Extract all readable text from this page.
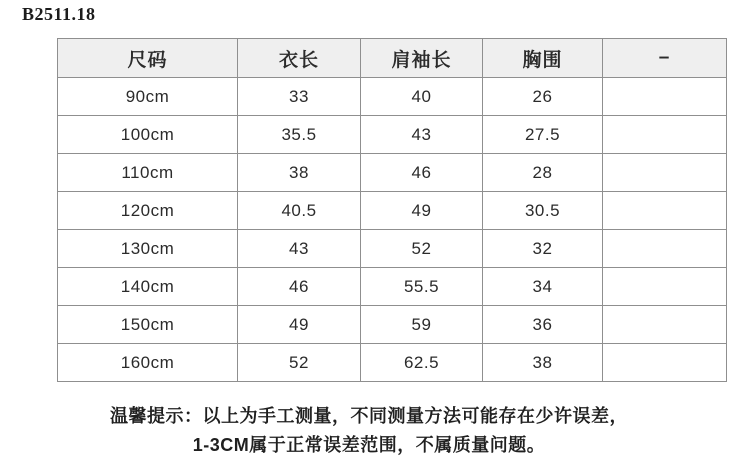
B2511.18
尺码	衣长	肩袖长	胸围	–
90cm	33	40	26	
100cm	35.5	43	27.5	
110cm	38	46	28	
120cm	40.5	49	30.5	
130cm	43	52	32	
140cm	46	55.5	34	
150cm	49	59	36	
160cm	52	62.5	38	
温馨提示：以上为手工测量，不同测量方法可能存在少许误差，
1-3CM属于正常误差范围，不属质量问题。
